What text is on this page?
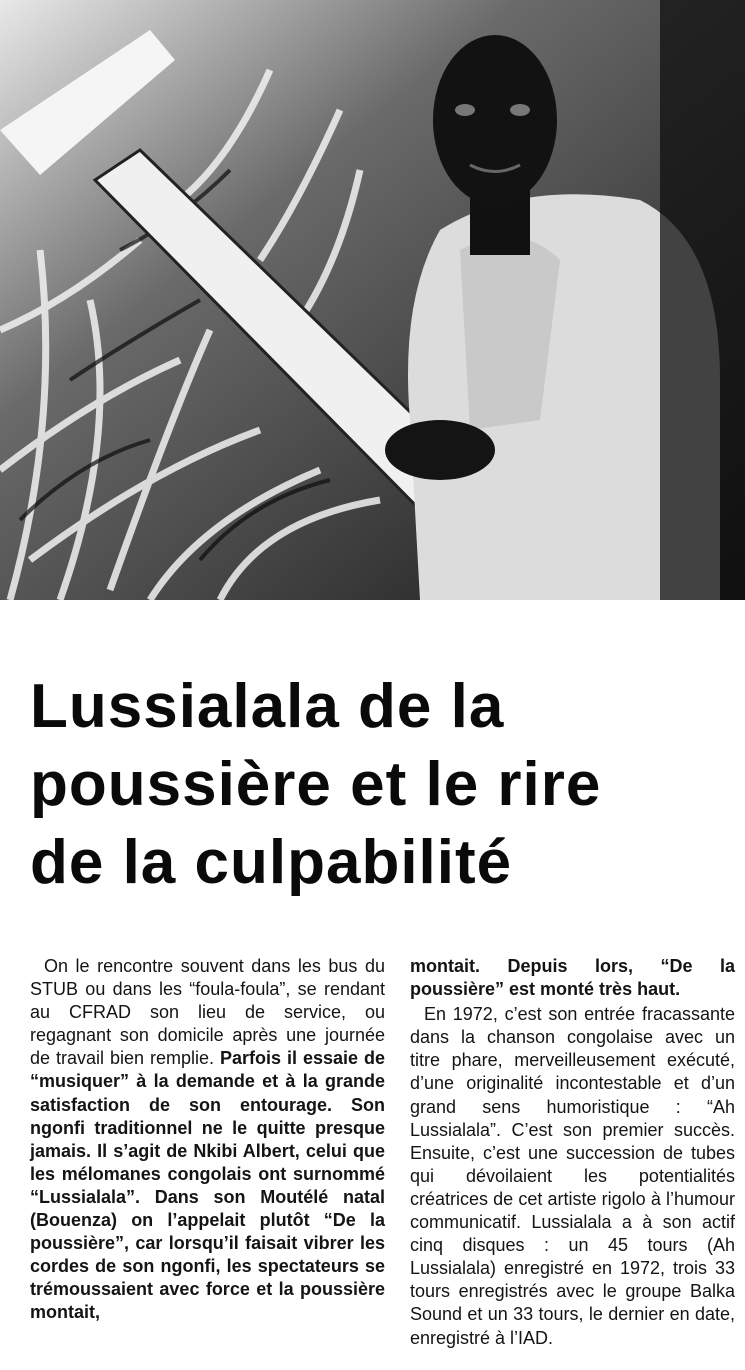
Lussialala de la
poussière et le rire
de la culpabilité

On le rencontre souvent dans les bus du STUB ou dans les “foula-foula”, se rendant au CFRAD son lieu de service, ou regagnant son domicile après une journée de travail bien remplie. Parfois il essaie de “musiquer” à la demande et à la grande satisfaction de son entourage. Son ngonfi traditionnel ne le quitte presque jamais. Il s’agit de Nkibi Albert, celui que les mélomanes congolais ont surnommé “Lussialala”. Dans son Moutélé natal (Bouenza) on l’appelait plutôt “De la poussière”, car lorsqu’il faisait vibrer les cordes de son ngonfi, les spectateurs se trémoussaient avec force et la poussière montait,

montait. Depuis lors, “De la poussière” est monté très haut.

En 1972, c’est son entrée fracassante dans la chanson congolaise avec un titre phare, merveilleusement exécuté, d’une originalité incontestable et d’un grand sens humoristique : “Ah Lussialala”. C’est son premier succès. Ensuite, c’est une succession de tubes qui dévoilaient les potentialités créatrices de cet artiste rigolo à l’humour communicatif. Lussialala a à son actif cinq disques : un 45 tours (Ah Lussialala) enregistré en 1972, trois 33 tours enregistrés avec le groupe Balka Sound et un 33 tours, le dernier en date, enregistré à l’IAD.
